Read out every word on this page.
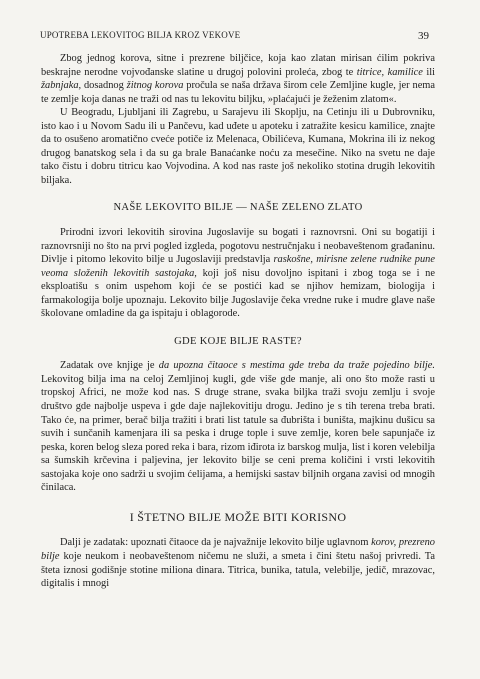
UPOTREBA LEKOVITOG BILJA KROZ VEKOVE	39

Zbog jednog korova, sitne i prezrene biljčice, koja kao zlatan mirisan ćilim pokriva beskrajne nerodne vojvođanske slatine u drugoj polovini proleća, zbog te titrice, kamilice ili žabnjaka, dosadnog žitnog korova pročula se naša država širom cele Zemljine kugle, jer nema te zemlje koja danas ne traži od nas tu lekovitu biljku, »plaćajući je žeženim zlatom«.

U Beogradu, Ljubljani ili Zagrebu, u Sarajevu ili Skoplju, na Cetinju ili u Dubrovniku, isto kao i u Novom Sadu ili u Pančevu, kad uđete u apoteku i zatražite kesicu kamilice, znajte da to osušeno aromatično cveće potiče iz Melenaca, Obilićeva, Kumana, Mokrina ili iz nekog drugog banatskog sela i da su ga brale Banaćanke noću za mesečine. Niko na svetu ne daje tako čistu i dobru titricu kao Vojvodina. A kod nas raste još nekoliko stotina drugih lekovitih biljaka.

NAŠE LEKOVITO BILJE — NAŠE ZELENO ZLATO

Prirodni izvori lekovitih sirovina Jugoslavije su bogati i raznovrsni. Oni su bogatiji i raznovrsniji no što na prvi pogled izgleda, pogotovu nestručnjaku i neobaveštenom građaninu. Divlje i pitomo lekovito bilje u Jugoslaviji predstavlja raskošne, mirisne zelene rudnike pune veoma složenih lekovitih sastojaka, koji još nisu dovoljno ispitani i zbog toga se i ne eksploatišu s onim uspehom koji će se postići kad se njihov hemizam, biologija i farmakologija bolje upoznaju. Lekovito bilje Jugoslavije čeka vredne ruke i mudre glave naše školovane omladine da ga ispitaju i oblagorode.

GDE KOJE BILJE RASTE?

Zadatak ove knjige je da upozna čitaoce s mestima gde treba da traže pojedino bilje. Lekovitog bilja ima na celoj Zemljinoj kugli, gde više gde manje, ali ono što može rasti u tropskoj Africi, ne može kod nas. S druge strane, svaka biljka traži svoju zemlju i svoje društvo gde najbolje uspeva i gde daje najlekovitiju drogu. Jedino je s tih terena treba brati. Tako će, na primer, berač bilja tražiti i brati list tatule sa đubrišta i buništa, majkinu dušicu sa suvih i sunčanih kamenjara ili sa peska i druge tople i suve zemlje, koren bele sapunjače iz peska, koren belog sleza pored reka i bara, rizom iđirota iz barskog mulja, list i koren velebilja sa šumskih krčevina i paljevina, jer lekovito bilje se ceni prema količini i vrsti lekovitih sastojaka koje ono sadrži u svojim ćelijama, a hemijski sastav biljnih organa zavisi od mnogih činilaca.

I ŠTETNO BILJE MOŽE BITI KORISNO

Dalji je zadatak: upoznati čitaoce da je najvažnije lekovito bilje uglavnom korov, prezreno bilje koje neukom i neobaveštenom ničemu ne služi, a smeta i čini štetu našoj privredi. Ta šteta iznosi godišnje stotine miliona dinara. Titrica, bunika, tatula, velebilje, jedič, mrazovac, digitalis i mnogi
